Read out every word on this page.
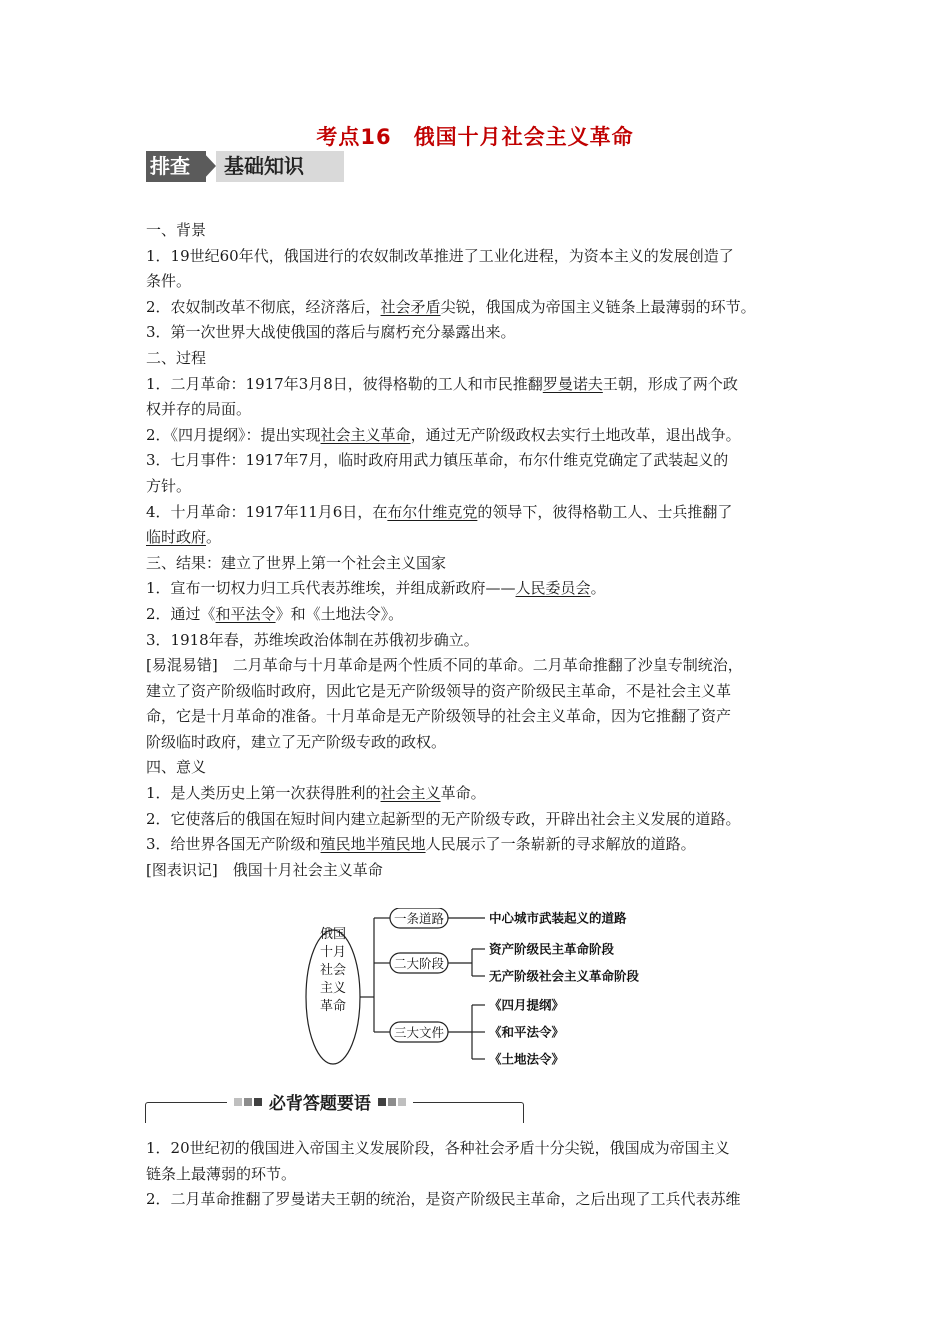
考点16　俄国十月社会主义革命
排查	基础知识

一、背景

1．19世纪60年代，俄国进行的农奴制改革推进了工业化进程，为资本主义的发展创造了

条件。

2．农奴制改革不彻底，经济落后，社会矛盾尖锐，俄国成为帝国主义链条上最薄弱的环节。

3．第一次世界大战使俄国的落后与腐朽充分暴露出来。

二、过程

1．二月革命：1917年3月8日，彼得格勒的工人和市民推翻罗曼诺夫王朝，形成了两个政

权并存的局面。

2．《四月提纲》：提出实现社会主义革命，通过无产阶级政权去实行土地改革，退出战争。

3．七月事件：1917年7月，临时政府用武力镇压革命，布尔什维克党确定了武装起义的

方针。

4．十月革命：1917年11月6日，在布尔什维克党的领导下，彼得格勒工人、士兵推翻了

临时政府。

三、结果：建立了世界上第一个社会主义国家

1．宣布一切权力归工兵代表苏维埃，并组成新政府——人民委员会。

2．通过《和平法令》和《土地法令》。

3．1918年春，苏维埃政治体制在苏俄初步确立。

[易混易错]　二月革命与十月革命是两个性质不同的革命。二月革命推翻了沙皇专制统治，

建立了资产阶级临时政府，因此它是无产阶级领导的资产阶级民主革命，不是社会主义革

命，它是十月革命的准备。十月革命是无产阶级领导的社会主义革命，因为它推翻了资产

阶级临时政府，建立了无产阶级专政的政权。

四、意义

1．是人类历史上第一次获得胜利的社会主义革命。

2．它使落后的俄国在短时间内建立起新型的无产阶级专政，开辟出社会主义发展的道路。

3．给世界各国无产阶级和殖民地半殖民地人民展示了一条崭新的寻求解放的道路。

[图表识记]　俄国十月社会主义革命

俄国
十月
社会
主义
革命
一条道路	中心城市武装起义的道路
二大阶段
资产阶级民主革命阶段
无产阶级社会主义革命阶段
三大文件
《四月提纲》
《和平法令》
《土地法令》
必背答题要语

1．20世纪初的俄国进入帝国主义发展阶段，各种社会矛盾十分尖锐，俄国成为帝国主义

链条上最薄弱的环节。

2．二月革命推翻了罗曼诺夫王朝的统治，是资产阶级民主革命，之后出现了工兵代表苏维
